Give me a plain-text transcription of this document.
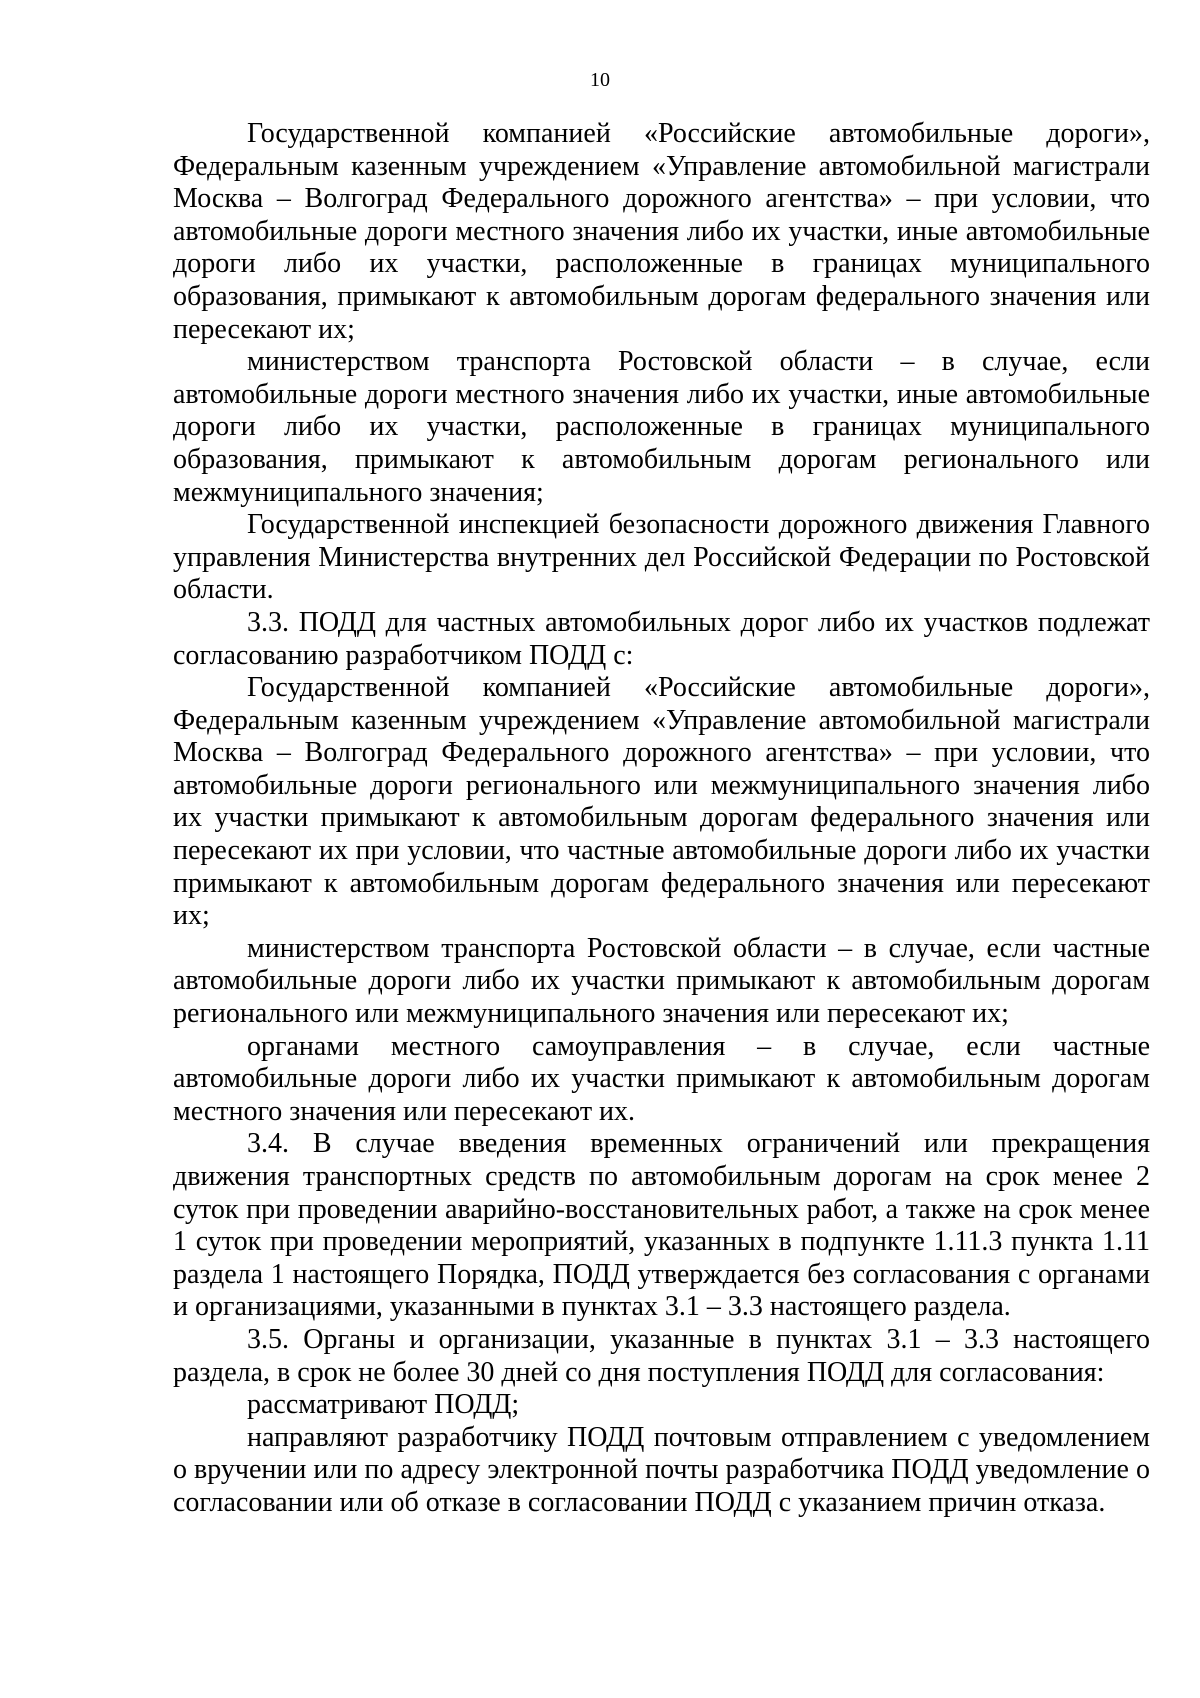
10

Государственной компанией «Российские автомобильные дороги», Федеральным казенным учреждением «Управление автомобильной магистрали Москва – Волгоград Федерального дорожного агентства» – при условии, что автомобильные дороги местного значения либо их участки, иные автомобильные дороги либо их участки, расположенные в границах муниципального образования, примыкают к автомобильным дорогам федерального значения или пересекают их;

министерством транспорта Ростовской области – в случае, если автомобильные дороги местного значения либо их участки, иные автомобильные дороги либо их участки, расположенные в границах муниципального образования, примыкают к автомобильным дорогам регионального или межмуниципального значения;

Государственной инспекцией безопасности дорожного движения Главного управления Министерства внутренних дел Российской Федерации по Ростовской области.

3.3. ПОДД для частных автомобильных дорог либо их участков подлежат согласованию разработчиком ПОДД с:

Государственной компанией «Российские автомобильные дороги», Федеральным казенным учреждением «Управление автомобильной магистрали Москва – Волгоград Федерального дорожного агентства» – при условии, что автомобильные дороги регионального или межмуниципального значения либо их участки примыкают к автомобильным дорогам федерального значения или пересекают их при условии, что частные автомобильные дороги либо их участки примыкают к автомобильным дорогам федерального значения или пересекают их;

министерством транспорта Ростовской области – в случае, если частные автомобильные дороги либо их участки примыкают к автомобильным дорогам регионального или межмуниципального значения или пересекают их;

органами местного самоуправления – в случае, если частные автомобильные дороги либо их участки примыкают к автомобильным дорогам местного значения или пересекают их.

3.4. В случае введения временных ограничений или прекращения движения транспортных средств по автомобильным дорогам на срок менее 2 суток при проведении аварийно-восстановительных работ, а также на срок менее 1 суток при проведении мероприятий, указанных в подпункте 1.11.3 пункта 1.11 раздела 1 настоящего Порядка, ПОДД утверждается без согласования с органами и организациями, указанными в пунктах 3.1 – 3.3 настоящего раздела.

3.5. Органы и организации, указанные в пунктах 3.1 – 3.3 настоящего раздела, в срок не более 30 дней со дня поступления ПОДД для согласования:

рассматривают ПОДД;

направляют разработчику ПОДД почтовым отправлением с уведомлением о вручении или по адресу электронной почты разработчика ПОДД уведомление о согласовании или об отказе в согласовании ПОДД с указанием причин отказа.
